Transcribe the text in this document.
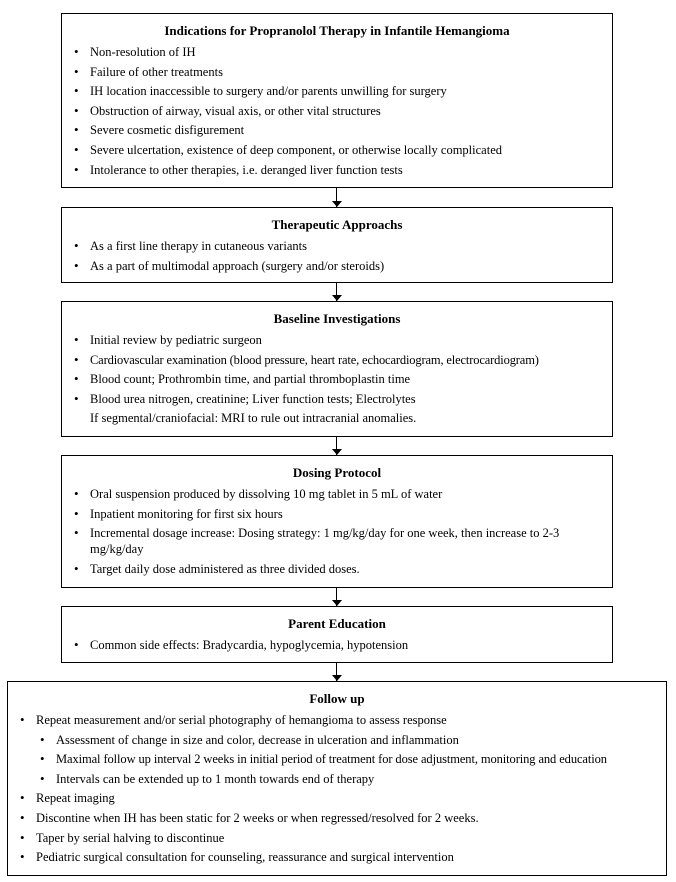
Indications for Propranolol Therapy in Infantile Hemangioma
• Non-resolution of IH
• Failure of other treatments
• IH location inaccessible to surgery and/or parents unwilling for surgery
• Obstruction of airway, visual axis, or other vital structures
• Severe cosmetic disfigurement
• Severe ulcertation, existence of deep component, or otherwise locally complicated
• Intolerance to other therapies, i.e. deranged liver function tests
Therapeutic Approachs
• As a first line therapy in cutaneous variants
• As a part of multimodal approach (surgery and/or steroids)
Baseline Investigations
• Initial review by pediatric surgeon
• Cardiovascular examination (blood pressure, heart rate, echocardiogram, electrocardiogram)
• Blood count; Prothrombin time, and partial thromboplastin time
• Blood urea nitrogen, creatinine; Liver function tests; Electrolytes
If segmental/craniofacial: MRI to rule out intracranial anomalies.
Dosing Protocol
• Oral suspension produced by dissolving 10 mg tablet in 5 mL of water
• Inpatient monitoring for first six hours
• Incremental dosage increase: Dosing strategy: 1 mg/kg/day for one week, then increase to 2-3 mg/kg/day
• Target daily dose administered as three divided doses.
Parent Education
• Common side effects: Bradycardia, hypoglycemia, hypotension
Follow up
• Repeat measurement and/or serial photography of hemangioma to assess response
• Assessment of change in size and color, decrease in ulceration and inflammation
• Maximal follow up interval 2 weeks in initial period of treatment for dose adjustment, monitoring and education
• Intervals can be extended up to 1 month towards end of therapy
• Repeat imaging
• Discontine when IH has been static for 2 weeks or when regressed/resolved for 2 weeks.
• Taper by serial halving to discontinue
• Pediatric surgical consultation for counseling, reassurance and surgical intervention
